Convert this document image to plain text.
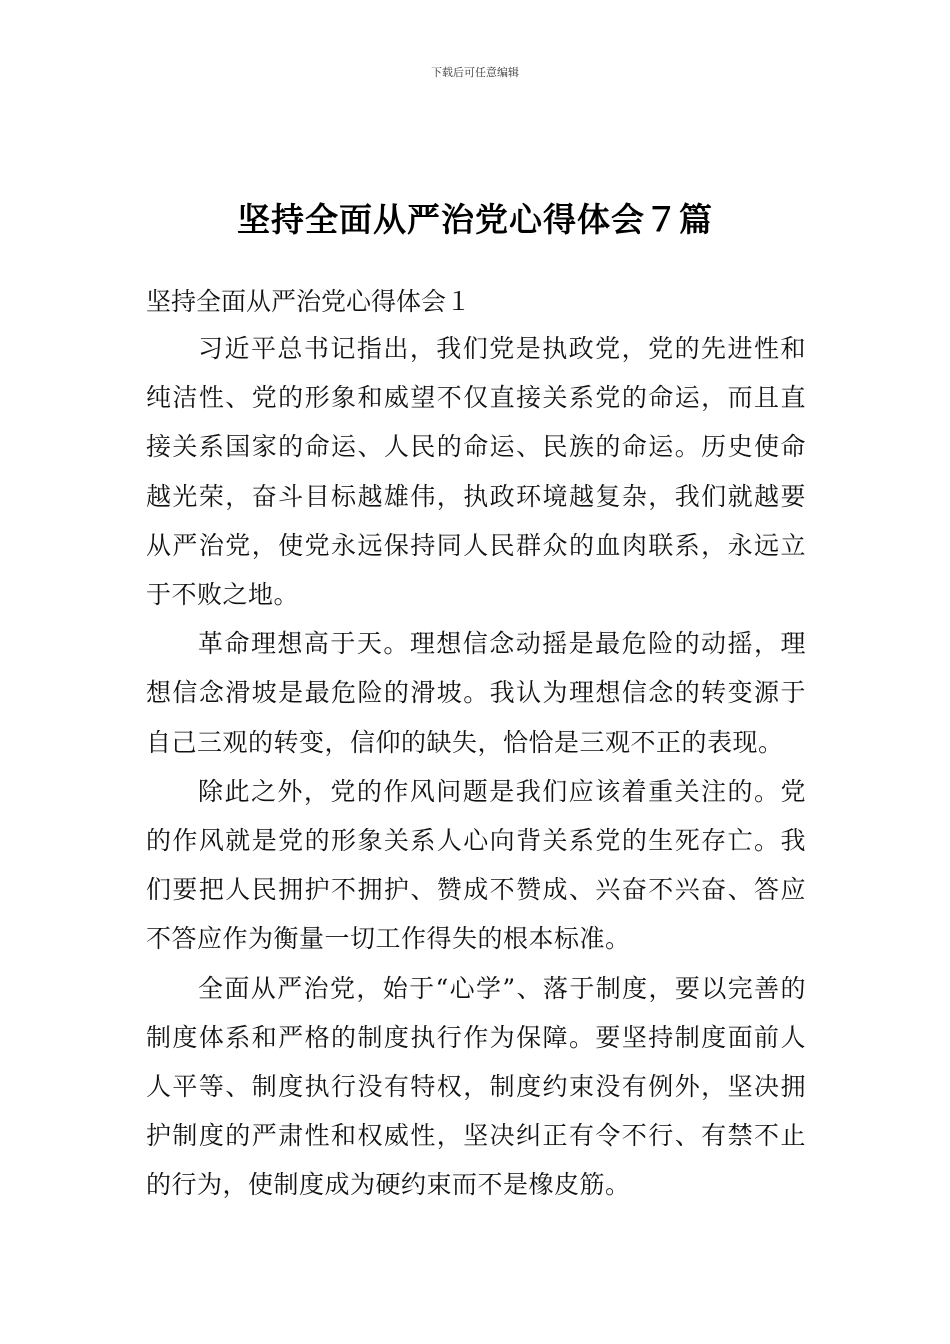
下载后可任意编辑
坚持全面从严治党心得体会７篇
坚持全面从严治党心得体会１

习近平总书记指出，我们党是执政党，党的先进性和纯洁性、党的形象和威望不仅直接关系党的命运，而且直接关系国家的命运、人民的命运、民族的命运。历史使命越光荣，奋斗目标越雄伟，执政环境越复杂，我们就越要从严治党，使党永远保持同人民群众的血肉联系，永远立于不败之地。

革命理想高于天。理想信念动摇是最危险的动摇，理想信念滑坡是最危险的滑坡。我认为理想信念的转变源于自己三观的转变，信仰的缺失，恰恰是三观不正的表现。

除此之外，党的作风问题是我们应该着重关注的。党的作风就是党的形象关系人心向背关系党的生死存亡。我们要把人民拥护不拥护、赞成不赞成、兴奋不兴奋、答应不答应作为衡量一切工作得失的根本标准。

全面从严治党，始于“心学”、落于制度，要以完善的制度体系和严格的制度执行作为保障。要坚持制度面前人人平等、制度执行没有特权，制度约束没有例外，坚决拥护制度的严肃性和权威性，坚决纠正有令不行、有禁不止的行为，使制度成为硬约束而不是橡皮筋。
